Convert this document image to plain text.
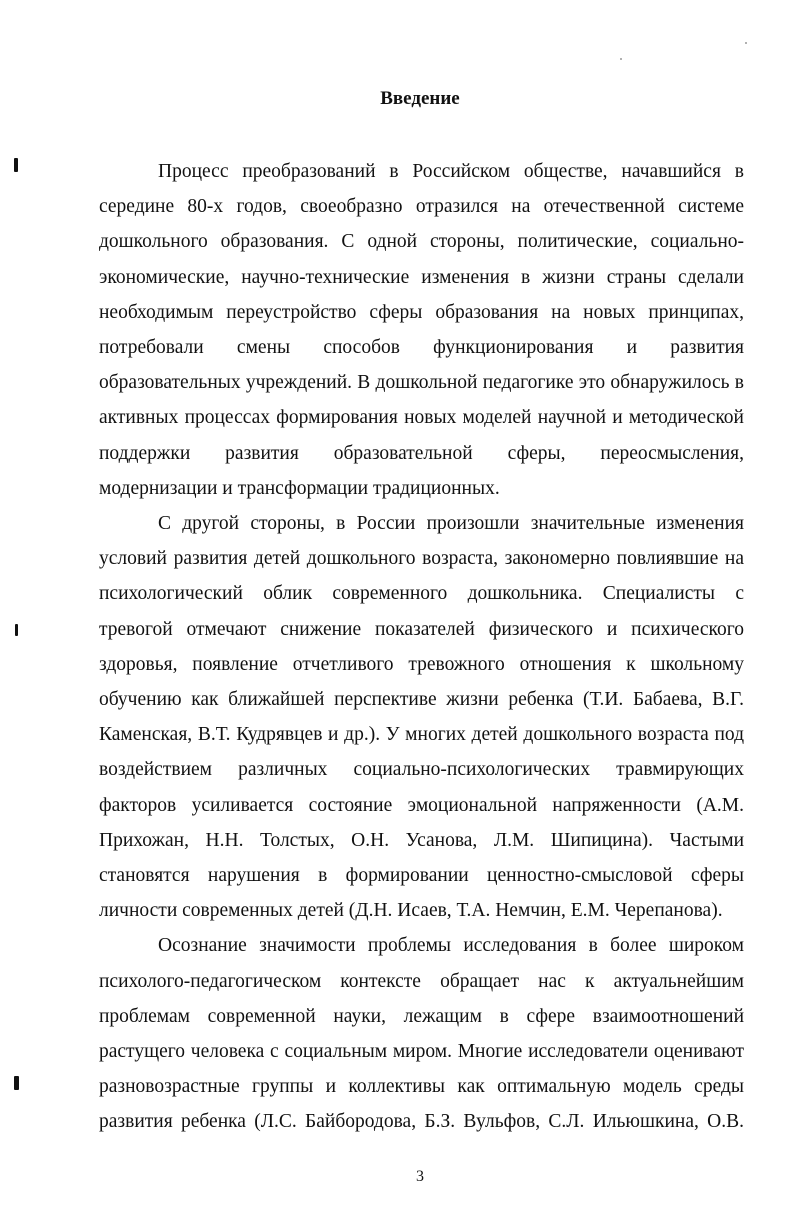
Введение

Процесс преобразований в Российском обществе, начавшийся в середине 80-х годов, своеобразно отразился на отечественной системе дошкольного образования. С одной стороны, политические, социально-экономические, научно-технические изменения в жизни страны сделали необходимым переустройство сферы образования на новых принципах, потребовали смены способов функционирования и развития образовательных учреждений. В дошкольной педагогике это обнаружилось в активных процессах формирования новых моделей научной и методической поддержки развития образовательной сферы, переосмысления, модернизации и трансформации традиционных.

С другой стороны, в России произошли значительные изменения условий развития детей дошкольного возраста, закономерно повлиявшие на психологический облик современного дошкольника. Специалисты с тревогой отмечают снижение показателей физического и психического здоровья, появление отчетливого тревожного отношения к школьному обучению как ближайшей перспективе жизни ребенка (Т.И. Бабаева, В.Г. Каменская, В.Т. Кудрявцев и др.). У многих детей дошкольного возраста под воздействием различных социально-психологических травмирующих факторов усиливается состояние эмоциональной напряженности (А.М. Прихожан, Н.Н. Толстых, О.Н. Усанова, Л.М. Шипицина). Частыми становятся нарушения в формировании ценностно-смысловой сферы личности современных детей (Д.Н. Исаев, Т.А. Немчин, Е.М. Черепанова).

Осознание значимости проблемы исследования в более широком психолого-педагогическом контексте обращает нас к актуальнейшим проблемам современной науки, лежащим в сфере взаимоотношений растущего человека с социальным миром. Многие исследователи оценивают разновозрастные группы и коллективы как оптимальную модель среды развития ребенка (Л.С. Байбородова, Б.З. Вульфов, С.Л. Ильюшкина, О.В.

3
